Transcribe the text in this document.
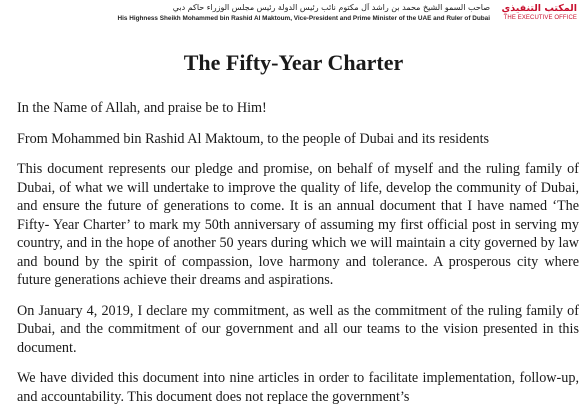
صاحب السمو الشيخ محمد بن راشد آل مكتوم نائب رئيس الدولة رئيس مجلس الوزراء حاكم دبي
His Highness Sheikh Mohammed bin Rashid Al Maktoum, Vice-President and Prime Minister of the UAE and Ruler of Dubai
المكتب التنفيذي
THE EXECUTIVE OFFICE
The Fifty-Year Charter

In the Name of Allah, and praise be to Him!

From Mohammed bin Rashid Al Maktoum, to the people of Dubai and its residents

This document represents our pledge and promise, on behalf of myself and the ruling family of Dubai, of what we will undertake to improve the quality of life, develop the community of Dubai, and ensure the future of generations to come. It is an annual document that I have named ‘The Fifty- Year Charter’ to mark my 50th anniversary of assuming my first official post in serving my country, and in the hope of another 50 years during which we will maintain a city governed by law and bound by the spirit of compassion, love harmony and tolerance. A prosperous city where future generations achieve their dreams and aspirations.

On January 4, 2019, I declare my commitment, as well as the commitment of the ruling family of Dubai, and the commitment of our government and all our teams to the vision presented in this document.

We have divided this document into nine articles in order to facilitate implementation, follow-up, and accountability. This document does not replace the government’s
